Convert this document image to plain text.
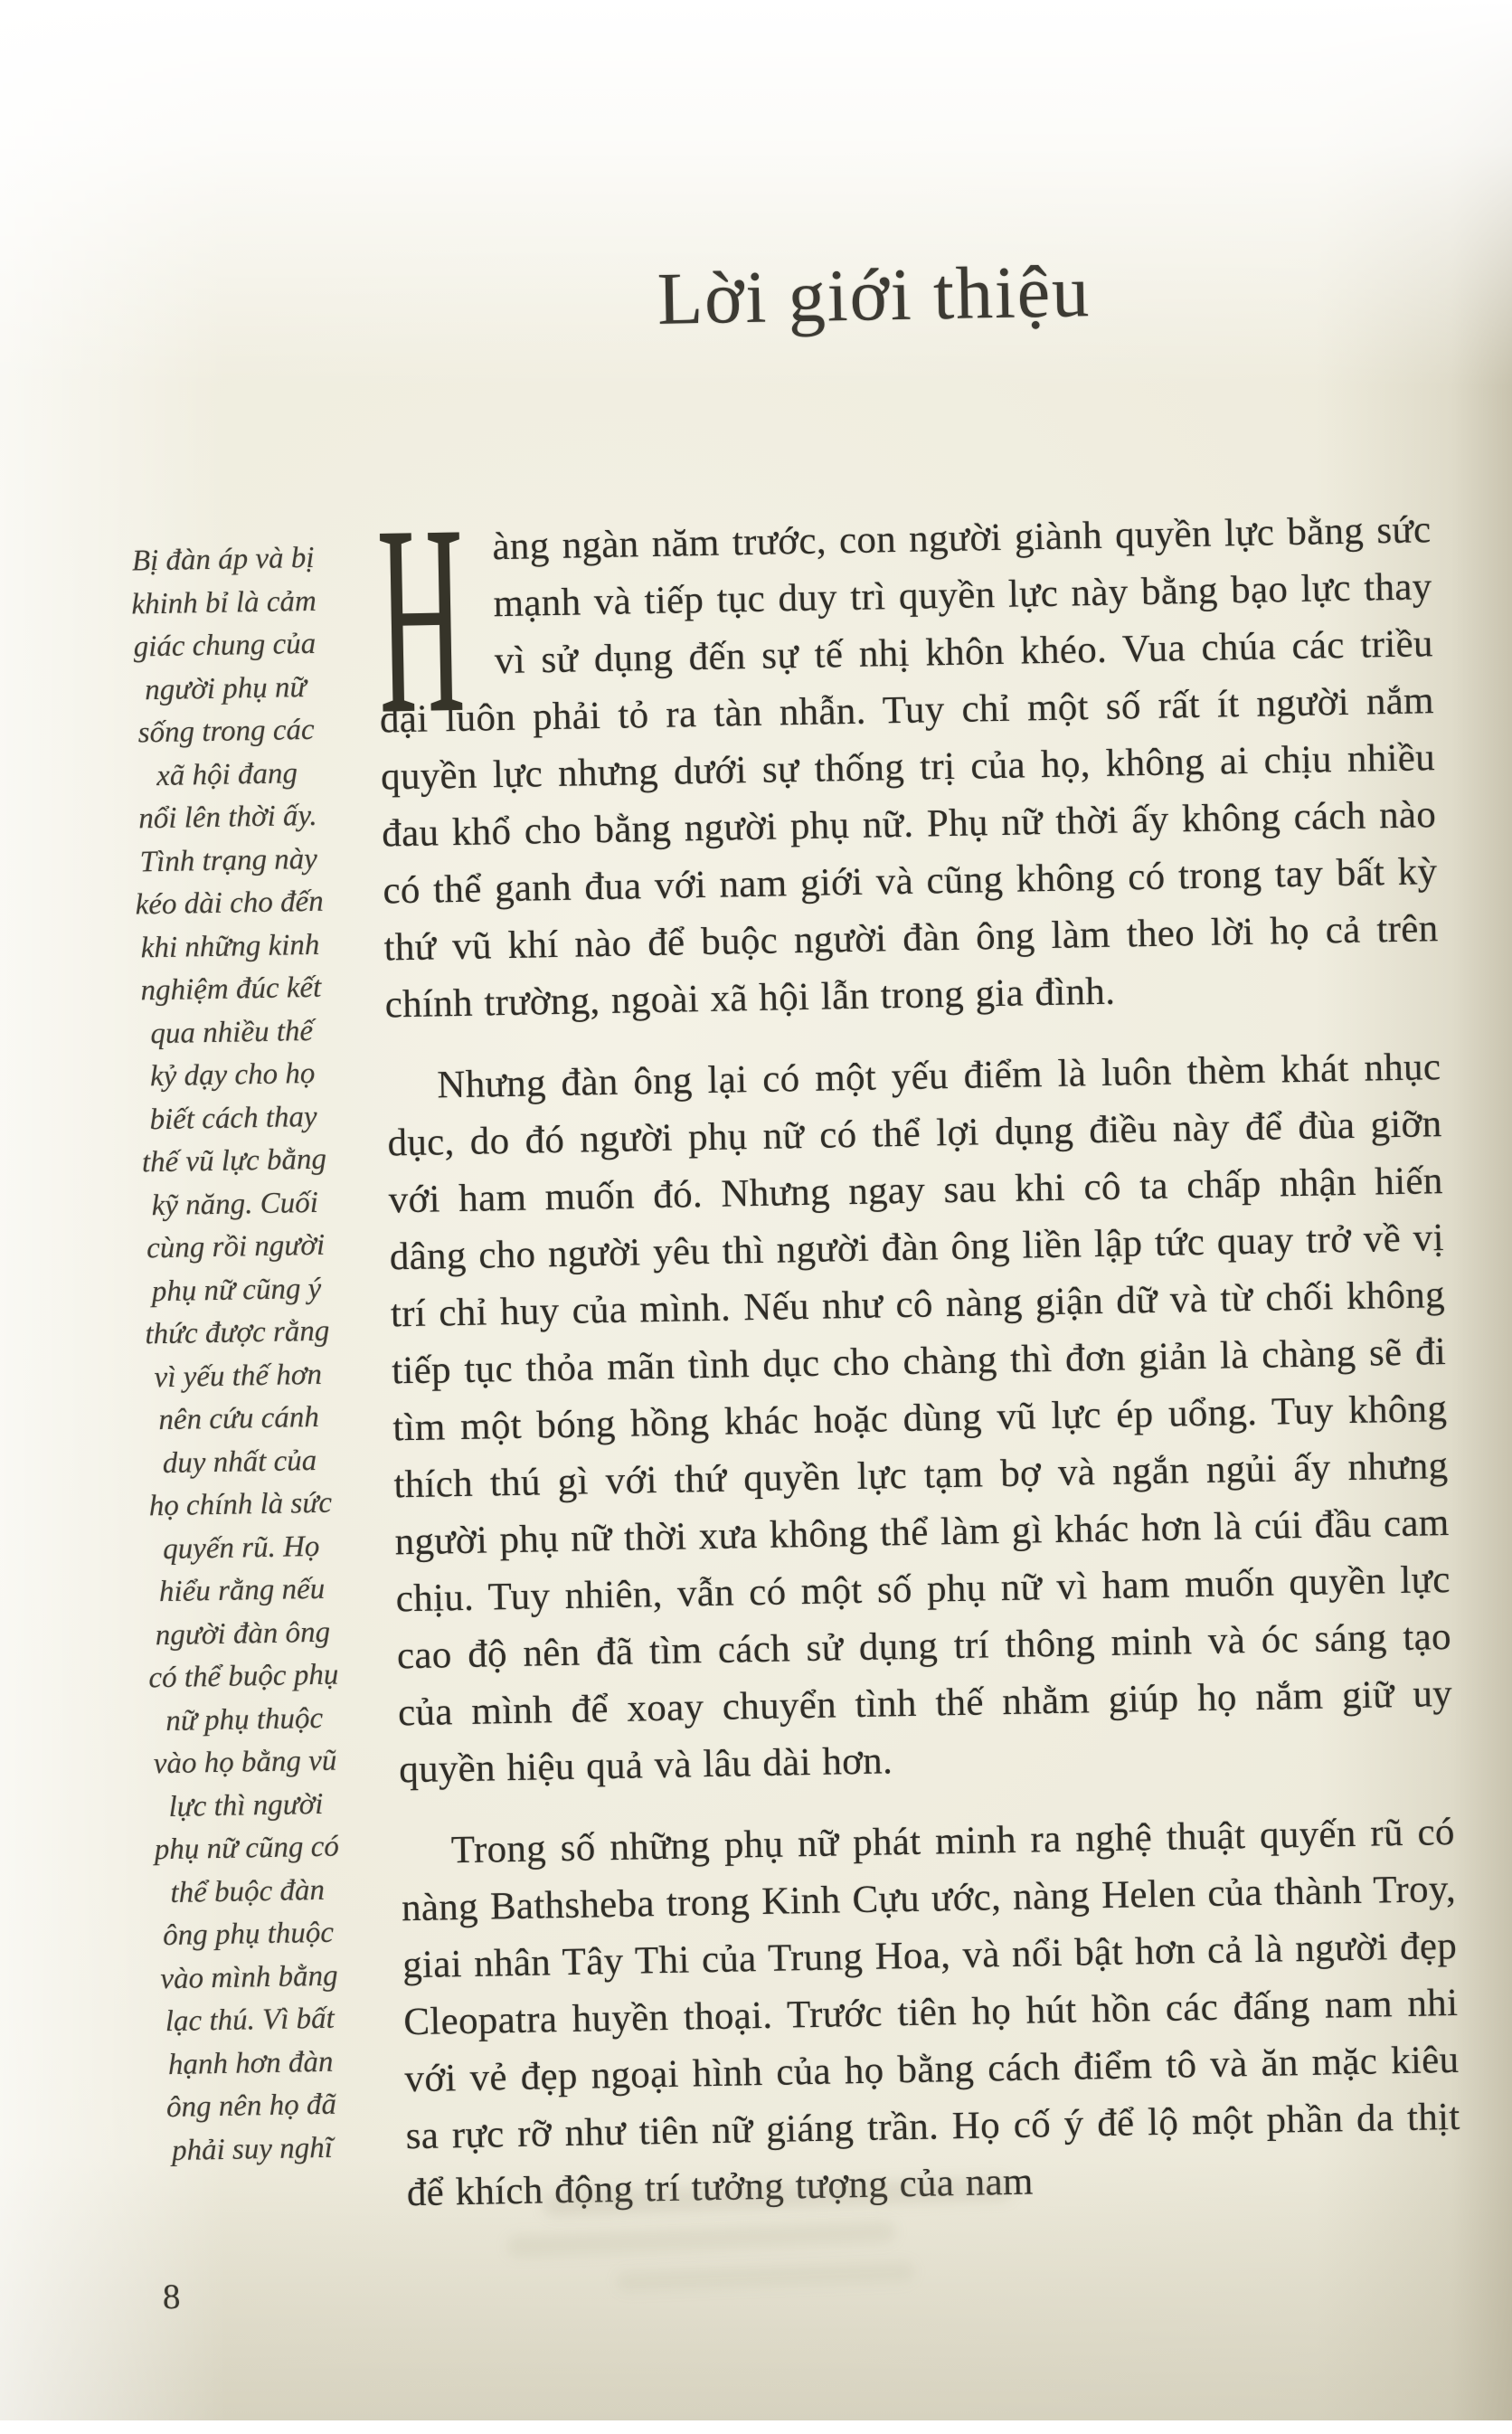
Lời giới thiệu
Bị đàn áp và bị
khinh bỉ là cảm
giác chung của
người phụ nữ
sống trong các
xã hội đang
nổi lên thời ấy.
Tình trạng này
kéo dài cho đến
khi những kinh
nghiệm đúc kết
qua nhiều thế
kỷ dạy cho họ
biết cách thay
thế vũ lực bằng
kỹ năng. Cuối
cùng rồi người
phụ nữ cũng ý
thức được rằng
vì yếu thế hơn
nên cứu cánh
duy nhất của
họ chính là sức
quyến rũ. Họ
hiểu rằng nếu
người đàn ông
có thể buộc phụ
nữ phụ thuộc
vào họ bằng vũ
lực thì người
phụ nữ cũng có
thể buộc đàn
ông phụ thuộc
vào mình bằng
lạc thú. Vì bất
hạnh hơn đàn
ông nên họ đã
phải suy nghĩ

Hàng ngàn năm trước, con người giành quyền lực bằng sức mạnh và tiếp tục duy trì quyền lực này bằng bạo lực thay vì sử dụng đến sự tế nhị khôn khéo. Vua chúa các triều đại luôn phải tỏ ra tàn nhẫn. Tuy chỉ một số rất ít người nắm quyền lực nhưng dưới sự thống trị của họ, không ai chịu nhiều đau khổ cho bằng người phụ nữ. Phụ nữ thời ấy không cách nào có thể ganh đua với nam giới và cũng không có trong tay bất kỳ thứ vũ khí nào để buộc người đàn ông làm theo lời họ cả trên chính trường, ngoài xã hội lẫn trong gia đình.

Nhưng đàn ông lại có một yếu điểm là luôn thèm khát nhục dục, do đó người phụ nữ có thể lợi dụng điều này để đùa giỡn với ham muốn đó. Nhưng ngay sau khi cô ta chấp nhận hiến dâng cho người yêu thì người đàn ông liền lập tức quay trở về vị trí chỉ huy của mình. Nếu như cô nàng giận dữ và từ chối không tiếp tục thỏa mãn tình dục cho chàng thì đơn giản là chàng sẽ đi tìm một bóng hồng khác hoặc dùng vũ lực ép uổng. Tuy không thích thú gì với thứ quyền lực tạm bợ và ngắn ngủi ấy nhưng người phụ nữ thời xưa không thể làm gì khác hơn là cúi đầu cam chịu. Tuy nhiên, vẫn có một số phụ nữ vì ham muốn quyền lực cao độ nên đã tìm cách sử dụng trí thông minh và óc sáng tạo của mình để xoay chuyển tình thế nhằm giúp họ nắm giữ uy quyền hiệu quả và lâu dài hơn.

Trong số những phụ nữ phát minh ra nghệ thuật quyến rũ có nàng Bathsheba trong Kinh Cựu ước, nàng Helen của thành Troy, giai nhân Tây Thi của Trung Hoa, và nổi bật hơn cả là người đẹp Cleopatra huyền thoại. Trước tiên họ hút hồn các đấng nam nhi với vẻ đẹp ngoại hình của họ bằng cách điểm tô và ăn mặc kiêu sa rực rỡ như tiên nữ giáng trần. Họ cố ý để lộ một phần da thịt để khích động trí tưởng tượng của nam

8
